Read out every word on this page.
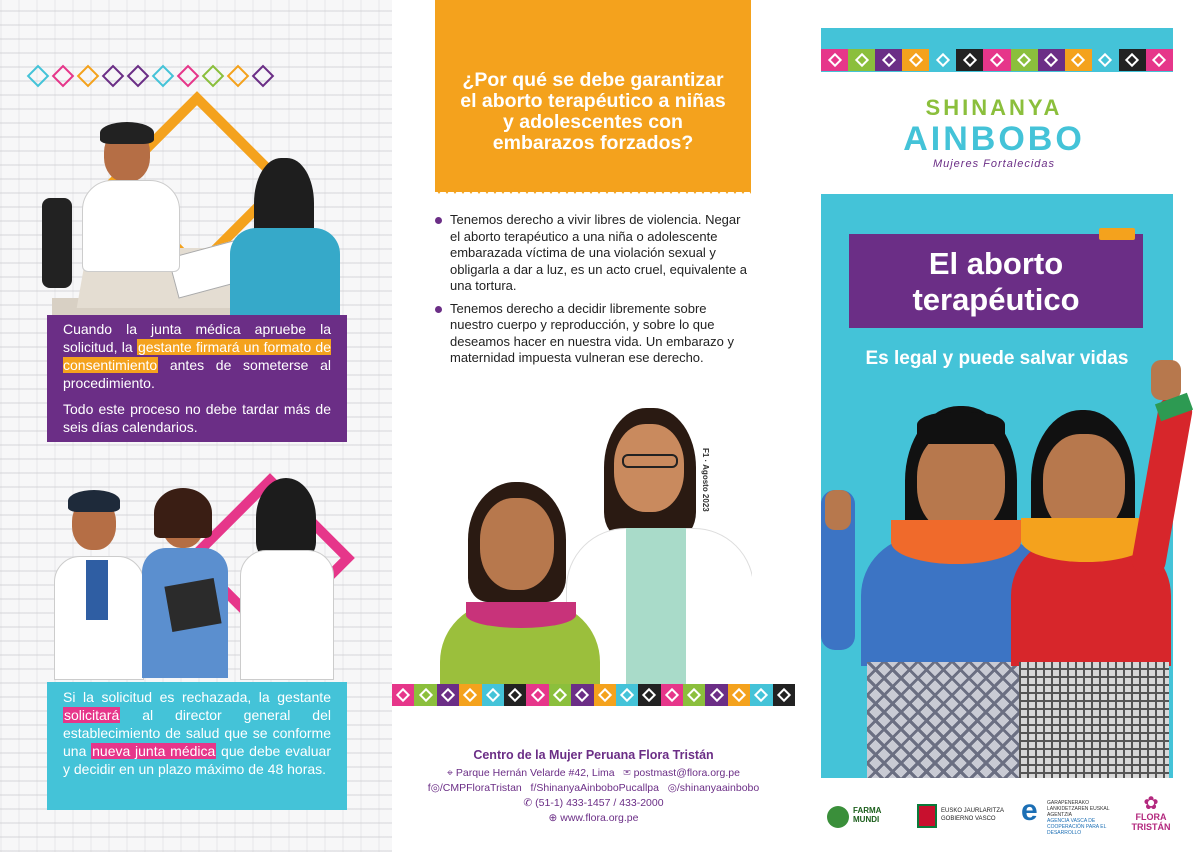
Cuando la junta médica apruebe la solicitud, la gestante firmará un formato de consentimiento antes de someterse al procedimiento.

Todo este proceso no debe tardar más de seis días calendarios.

Si la solicitud es rechazada, la gestante solicitará al director general del establecimiento de salud que se conforme una nueva junta médica que debe evaluar y decidir en un plazo máximo de 48 horas.

¿Por qué se debe garantizar el aborto terapéutico a niñas y adolescentes con embarazos forzados?
Tenemos derecho a vivir libres de violencia. Negar el aborto terapéutico a una niña o adolescente embarazada víctima de una violación sexual y obligarla a dar a luz, es un acto cruel, equivalente a una tortura.
Tenemos derecho a decidir libremente sobre nuestro cuerpo y reproducción, y sobre lo que deseamos hacer en nuestra vida. Un embarazo y maternidad impuesta vulneran ese derecho.
F1 · Agosto 2023
Centro de la Mujer Peruana Flora Tristán
⌖ Parque Hernán Velarde #42, Lima ✉ postmast@flora.org.pe
f◎/CMPFloraTristan f/ShinanyaAinboboPucallpa ◎/shinanyaainbobo
✆ (51-1) 433-1457 / 433-2000
⊕ www.flora.org.pe
SHINANYA
AINBOBO
Mujeres Fortalecidas
El aborto terapéutico
Es legal y puede salvar vidas
FARMA MUNDI
EUSKO JAURLARITZA
GOBIERNO VASCO e GARAPENERAKO LANKIDETZAREN EUSKAL AGENTZIA
AGENCIA VASCA DE COOPERACIÓN PARA EL DESARROLLO
✿
FLORA
TRISTÁN
